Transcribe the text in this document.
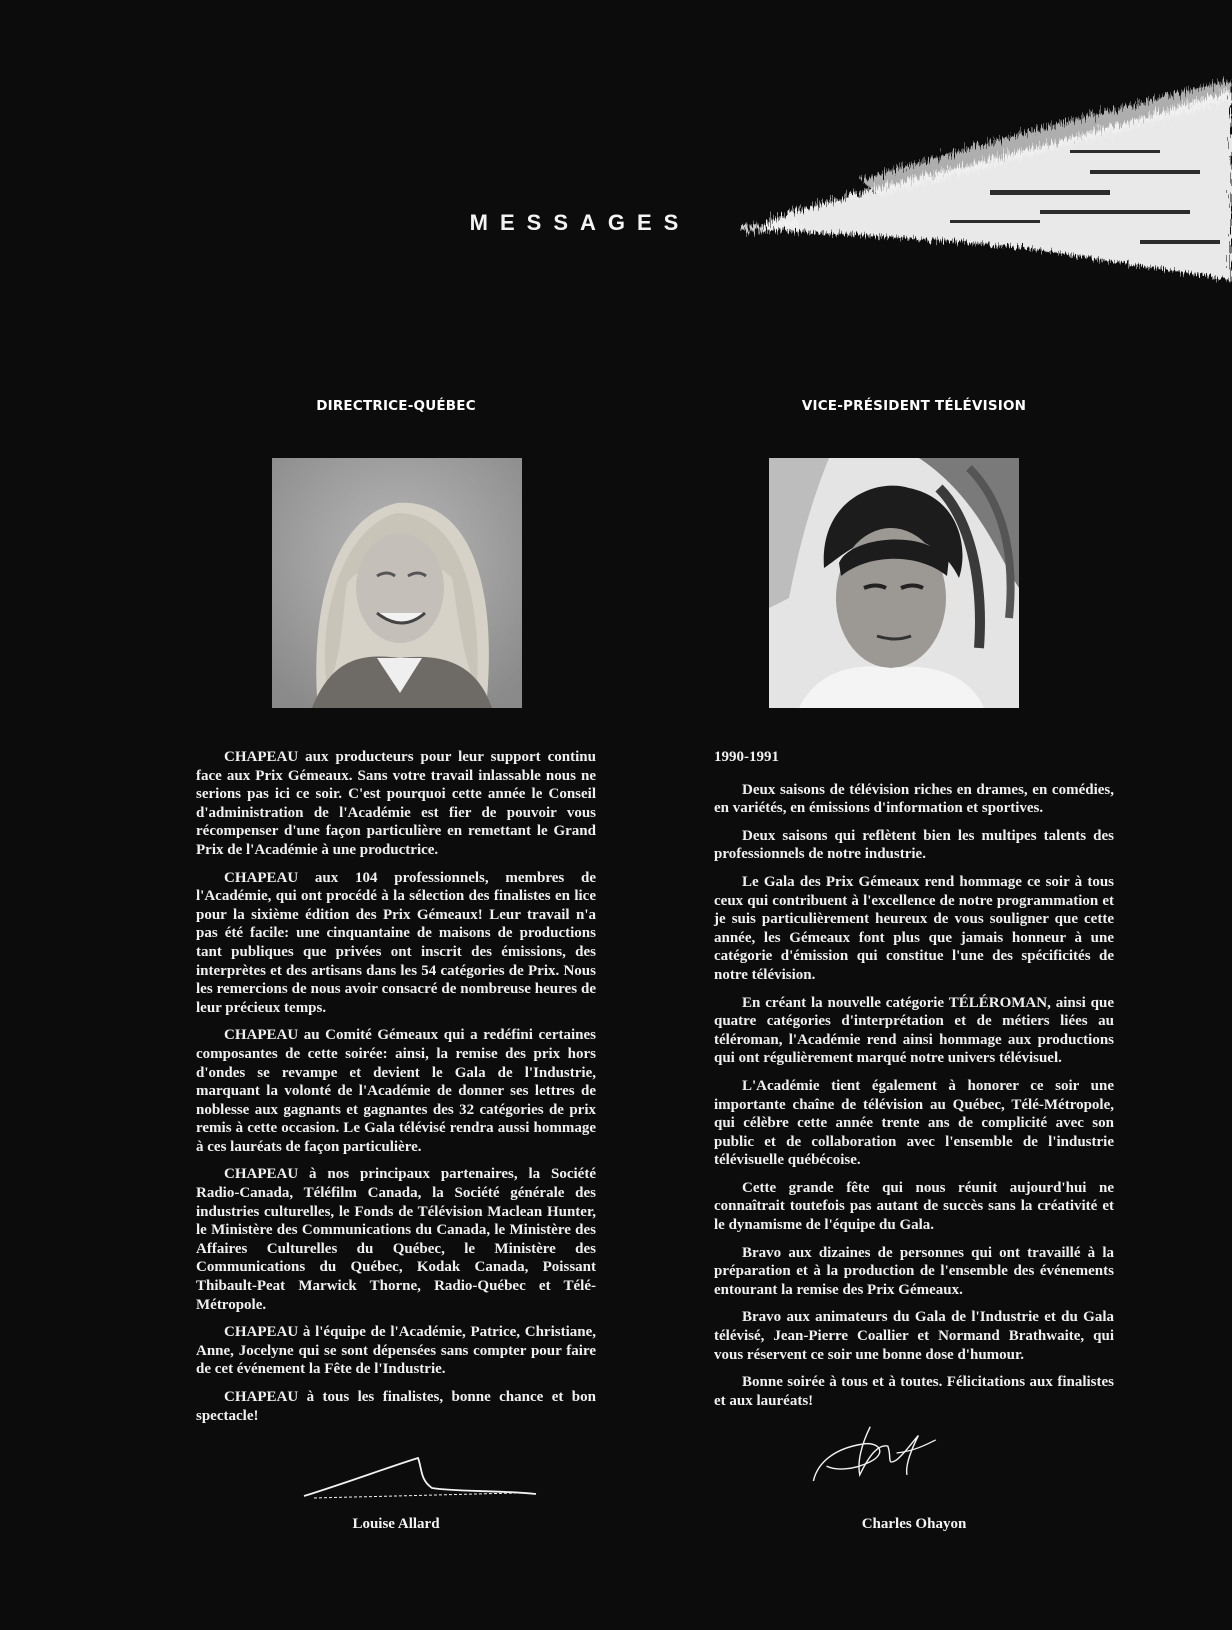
MESSAGES
DIRECTRICE-QUÉBEC

CHAPEAU aux producteurs pour leur support continu face aux Prix Gémeaux. Sans votre travail inlassable nous ne serions pas ici ce soir. C'est pourquoi cette année le Conseil d'administration de l'Académie est fier de pouvoir vous récompenser d'une façon particulière en remettant le Grand Prix de l'Académie à une productrice.

CHAPEAU aux 104 professionnels, membres de l'Académie, qui ont procédé à la sélection des finalistes en lice pour la sixième édition des Prix Gémeaux! Leur travail n'a pas été facile: une cinquantaine de maisons de productions tant publiques que privées ont inscrit des émissions, des interprètes et des artisans dans les 54 catégories de Prix. Nous les remercions de nous avoir consacré de nombreuse heures de leur précieux temps.

CHAPEAU au Comité Gémeaux qui a redéfini certaines composantes de cette soirée: ainsi, la remise des prix hors d'ondes se revampe et devient le Gala de l'Industrie, marquant la volonté de l'Académie de donner ses lettres de noblesse aux gagnants et gagnantes des 32 catégories de prix remis à cette occasion. Le Gala télévisé rendra aussi hommage à ces lauréats de façon particulière.

CHAPEAU à nos principaux partenaires, la Société Radio-Canada, Téléfilm Canada, la Société générale des industries culturelles, le Fonds de Télévision Maclean Hunter, le Ministère des Communications du Canada, le Ministère des Affaires Culturelles du Québec, le Ministère des Communications du Québec, Kodak Canada, Poissant Thibault-Peat Marwick Thorne, Radio-Québec et Télé-Métropole.

CHAPEAU à l'équipe de l'Académie, Patrice, Christiane, Anne, Jocelyne qui se sont dépensées sans compter pour faire de cet événement la Fête de l'Industrie.

CHAPEAU à tous les finalistes, bonne chance et bon spectacle!

Louise Allard
VICE-PRÉSIDENT TÉLÉVISION

1990-1991

Deux saisons de télévision riches en drames, en comédies, en variétés, en émissions d'information et sportives.

Deux saisons qui reflètent bien les multipes talents des professionnels de notre industrie.

Le Gala des Prix Gémeaux rend hommage ce soir à tous ceux qui contribuent à l'excellence de notre programmation et je suis particulièrement heureux de vous souligner que cette année, les Gémeaux font plus que jamais honneur à une catégorie d'émission qui constitue l'une des spécificités de notre télévision.

En créant la nouvelle catégorie TÉLÉROMAN, ainsi que quatre catégories d'interprétation et de métiers liées au téléroman, l'Académie rend ainsi hommage aux productions qui ont régulièrement marqué notre univers télévisuel.

L'Académie tient également à honorer ce soir une importante chaîne de télévision au Québec, Télé-Métropole, qui célèbre cette année trente ans de complicité avec son public et de collaboration avec l'ensemble de l'industrie télévisuelle québécoise.

Cette grande fête qui nous réunit aujourd'hui ne connaîtrait toutefois pas autant de succès sans la créativité et le dynamisme de l'équipe du Gala.

Bravo aux dizaines de personnes qui ont travaillé à la préparation et à la production de l'ensemble des événements entourant la remise des Prix Gémeaux.

Bravo aux animateurs du Gala de l'Industrie et du Gala télévisé, Jean-Pierre Coallier et Normand Brathwaite, qui vous réservent ce soir une bonne dose d'humour.

Bonne soirée à tous et à toutes. Félicitations aux finalistes et aux lauréats!

Charles Ohayon
